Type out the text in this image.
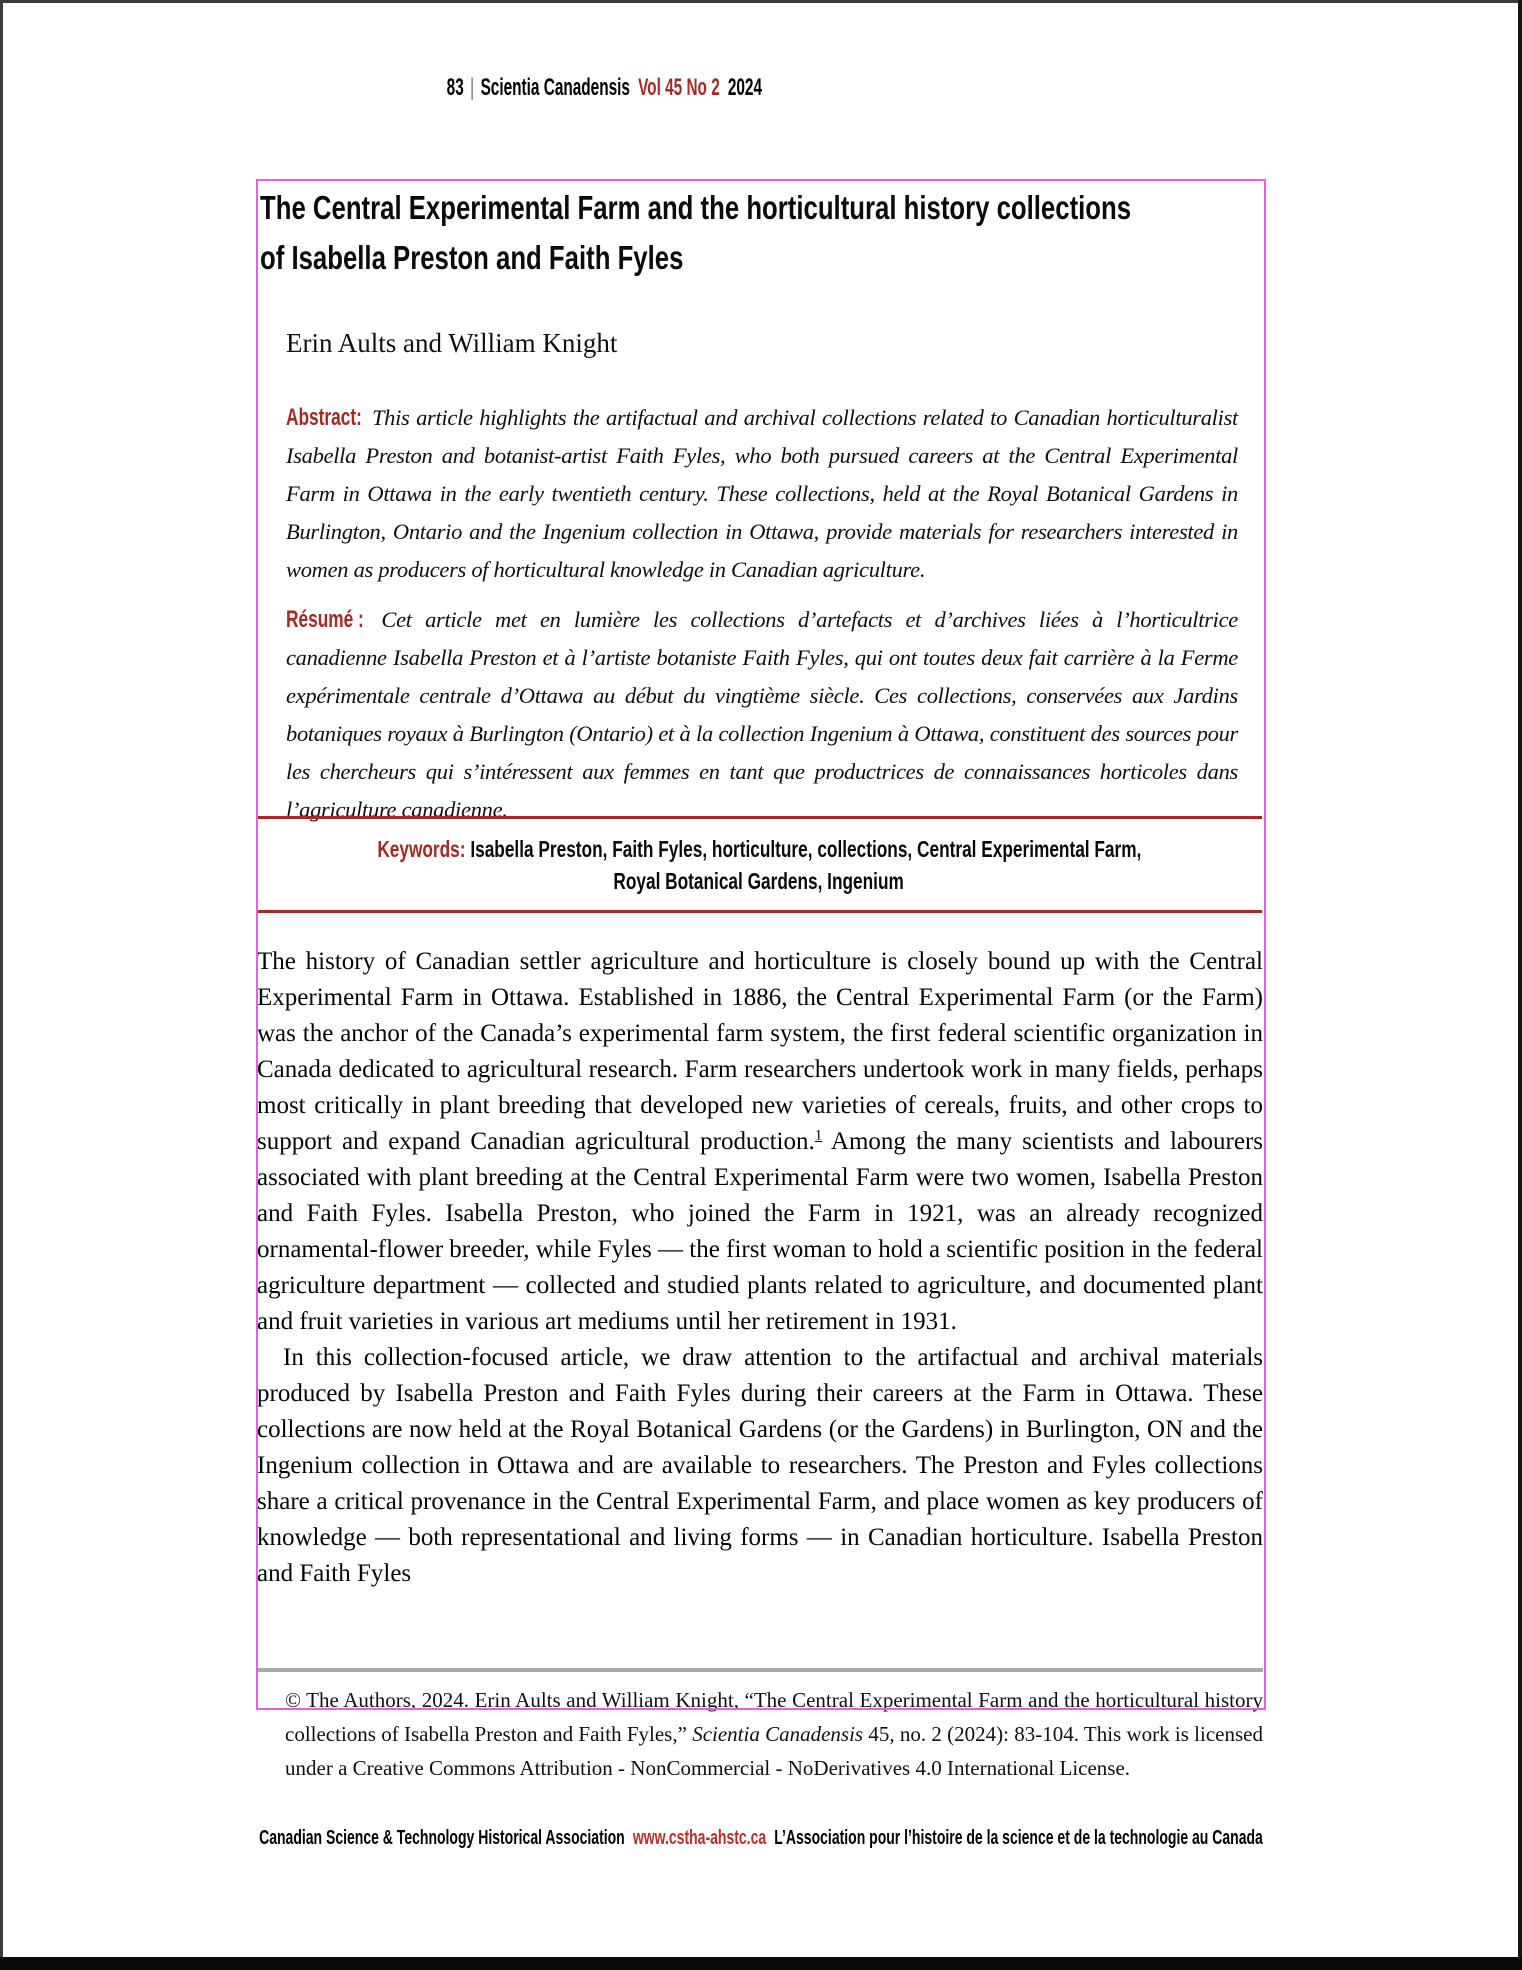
83 | Scientia Canadensis Vol 45 No 2 2024
The Central Experimental Farm and the horticultural history collections
of Isabella Preston and Faith Fyles
Erin Aults and William Knight
Abstract: This article highlights the artifactual and archival collections related to Canadian horticulturalist Isabella Preston and botanist-artist Faith Fyles, who both pursued careers at the Central Experimental Farm in Ottawa in the early twentieth century. These collections, held at the Royal Botanical Gardens in Burlington, Ontario and the Ingenium collection in Ottawa, provide materials for researchers interested in women as producers of horticultural knowledge in Canadian agriculture.
Résumé : Cet article met en lumière les collections d’artefacts et d’archives liées à l’horticultrice canadienne Isabella Preston et à l’artiste botaniste Faith Fyles, qui ont toutes deux fait carrière à la Ferme expérimentale centrale d’Ottawa au début du vingtième siècle. Ces collections, conservées aux Jardins botaniques royaux à Burlington (Ontario) et à la collection Ingenium à Ottawa, constituent des sources pour les chercheurs qui s’intéressent aux femmes en tant que productrices de connaissances horticoles dans l’agriculture canadienne.
Keywords: Isabella Preston, Faith Fyles, horticulture, collections, Central Experimental Farm,
Royal Botanical Gardens, Ingenium

The history of Canadian settler agriculture and horticulture is closely bound up with the Central Experimental Farm in Ottawa. Established in 1886, the Central Experimental Farm (or the Farm) was the anchor of the Canada’s experimental farm system, the first federal scientific organization in Canada dedicated to agricultural research. Farm researchers undertook work in many fields, perhaps most critically in plant breeding that developed new varieties of cereals, fruits, and other crops to support and expand Canadian agricultural production.$^1$ Among the many scientists and labourers associated with plant breeding at the Central Experimental Farm were two women, Isabella Preston and Faith Fyles. Isabella Preston, who joined the Farm in 1921, was an already recognized ornamental-flower breeder, while Fyles — the first woman to hold a scientific position in the federal agriculture department — collected and studied plants related to agriculture, and documented plant and fruit varieties in various art mediums until her retirement in 1931.

In this collection-focused article, we draw attention to the artifactual and archival materials produced by Isabella Preston and Faith Fyles during their careers at the Farm in Ottawa. These collections are now held at the Royal Botanical Gardens (or the Gardens) in Burlington, ON and the Ingenium collection in Ottawa and are available to researchers. The Preston and Fyles collections share a critical provenance in the Central Experimental Farm, and place women as key producers of knowledge — both representational and living forms — in Canadian horticulture. Isabella Preston and Faith Fyles

© The Authors, 2024. Erin Aults and William Knight, “The Central Experimental Farm and the horticultural history collections of Isabella Preston and Faith Fyles,” Scientia Canadensis 45, no. 2 (2024): 83-104. This work is licensed under a Creative Commons Attribution - NonCommercial - NoDerivatives 4.0 International License.
Canadian Science & Technology Historical Association www.cstha-ahstc.ca L’Association pour l’histoire de la science et de la technologie au Canada
